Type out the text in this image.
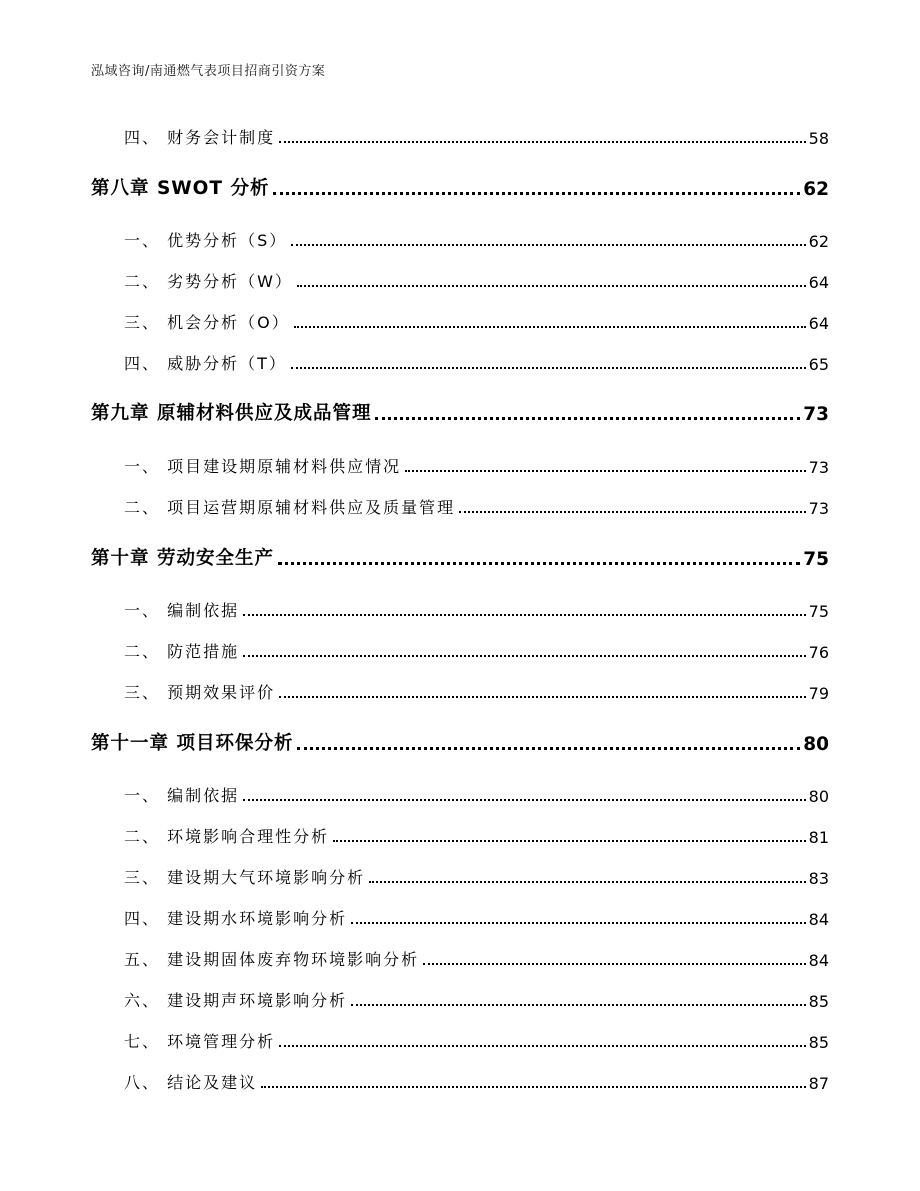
泓域咨询/南通燃气表项目招商引资方案
四、 财务会计制度	58
第八章 SWOT 分析	62
一、 优势分析（S）	62
二、 劣势分析（W）	64
三、 机会分析（O）	64
四、 威胁分析（T）	65
第九章 原辅材料供应及成品管理	73
一、 项目建设期原辅材料供应情况	73
二、 项目运营期原辅材料供应及质量管理	73
第十章 劳动安全生产	75
一、 编制依据	75
二、 防范措施	76
三、 预期效果评价	79
第十一章 项目环保分析	80
一、 编制依据	80
二、 环境影响合理性分析	81
三、 建设期大气环境影响分析	83
四、 建设期水环境影响分析	84
五、 建设期固体废弃物环境影响分析	84
六、 建设期声环境影响分析	85
七、 环境管理分析	85
八、 结论及建议	87
